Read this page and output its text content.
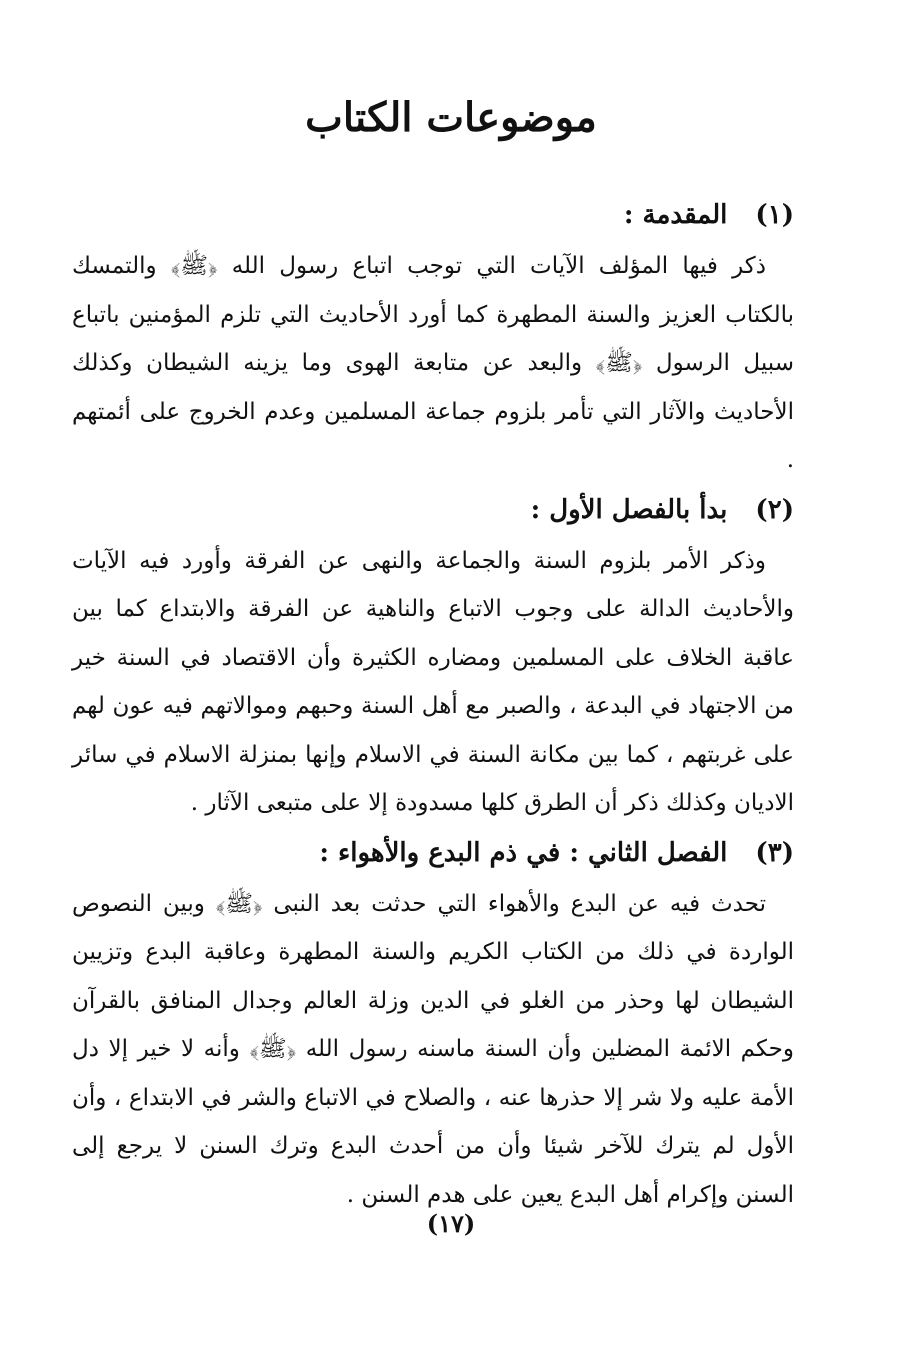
موضوعات الكتاب
(١)المقدمة :

ذكر فيها المؤلف الآيات التي توجب اتباع رسول الله ﴿ﷺ﴾ والتمسك بالكتاب العزيز والسنة المطهرة كما أورد الأحاديث التي تلزم المؤمنين باتباع سبيل الرسول ﴿ﷺ﴾ والبعد عن متابعة الهوى وما يزينه الشيطان وكذلك الأحاديث والآثار التي تأمر بلزوم جماعة المسلمين وعدم الخروج على أئمتهم .

(٢)بدأ بالفصل الأول :

وذكر الأمر بلزوم السنة والجماعة والنهى عن الفرقة وأورد فيه الآيات والأحاديث الدالة على وجوب الاتباع والناهية عن الفرقة والابتداع كما بين عاقبة الخلاف على المسلمين ومضاره الكثيرة وأن الاقتصاد في السنة خير من الاجتهاد في البدعة ، والصبر مع أهل السنة وحبهم وموالاتهم فيه عون لهم على غربتهم ، كما بين مكانة السنة في الاسلام وإنها بمنزلة الاسلام في سائر الاديان وكذلك ذكر أن الطرق كلها مسدودة إلا على متبعى الآثار .

(٣)الفصل الثاني : في ذم البدع والأهواء :

تحدث فيه عن البدع والأهواء التي حدثت بعد النبى ﴿ﷺ﴾ وبين النصوص الواردة في ذلك من الكتاب الكريم والسنة المطهرة وعاقبة البدع وتزيين الشيطان لها وحذر من الغلو في الدين وزلة العالم وجدال المنافق بالقرآن وحكم الائمة المضلين وأن السنة ماسنه رسول الله ﴿ﷺ﴾ وأنه لا خير إلا دل الأمة عليه ولا شر إلا حذرها عنه ، والصلاح في الاتباع والشر في الابتداع ، وأن الأول لم يترك للآخر شيئا وأن من أحدث البدع وترك السنن لا يرجع إلى السنن وإكرام أهل البدع يعين على هدم السنن .

(١٧)
